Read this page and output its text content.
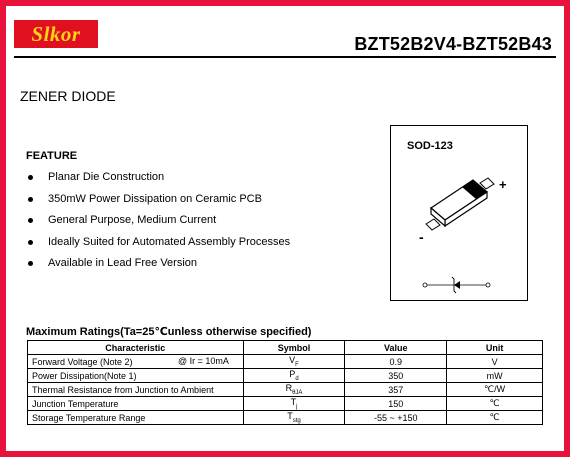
Slkor	BZT52B2V4-BZT52B43
ZENER DIODE
FEATURE
Planar Die Construction
350mW Power Dissipation on Ceramic PCB
General Purpose, Medium Current
Ideally Suited for Automated Assembly Processes
Available in Lead Free Version
SOD-123
+
-
Maximum Ratings(Ta=25℃unless otherwise specified)
Characteristic	Symbol	Value	Unit
Forward Voltage (Note 2) @ Ir = 10mA	$V_F$	0.9	V
Power Dissipation(Note 1)	$P_d$	350	mW
Thermal Resistance from Junction to Ambient	$R_{\theta JA}$	357	℃/W
Junction Temperature	$T_j$	150	℃
Storage Temperature Range	$T_{stg}$	-55 ~ +150	℃
